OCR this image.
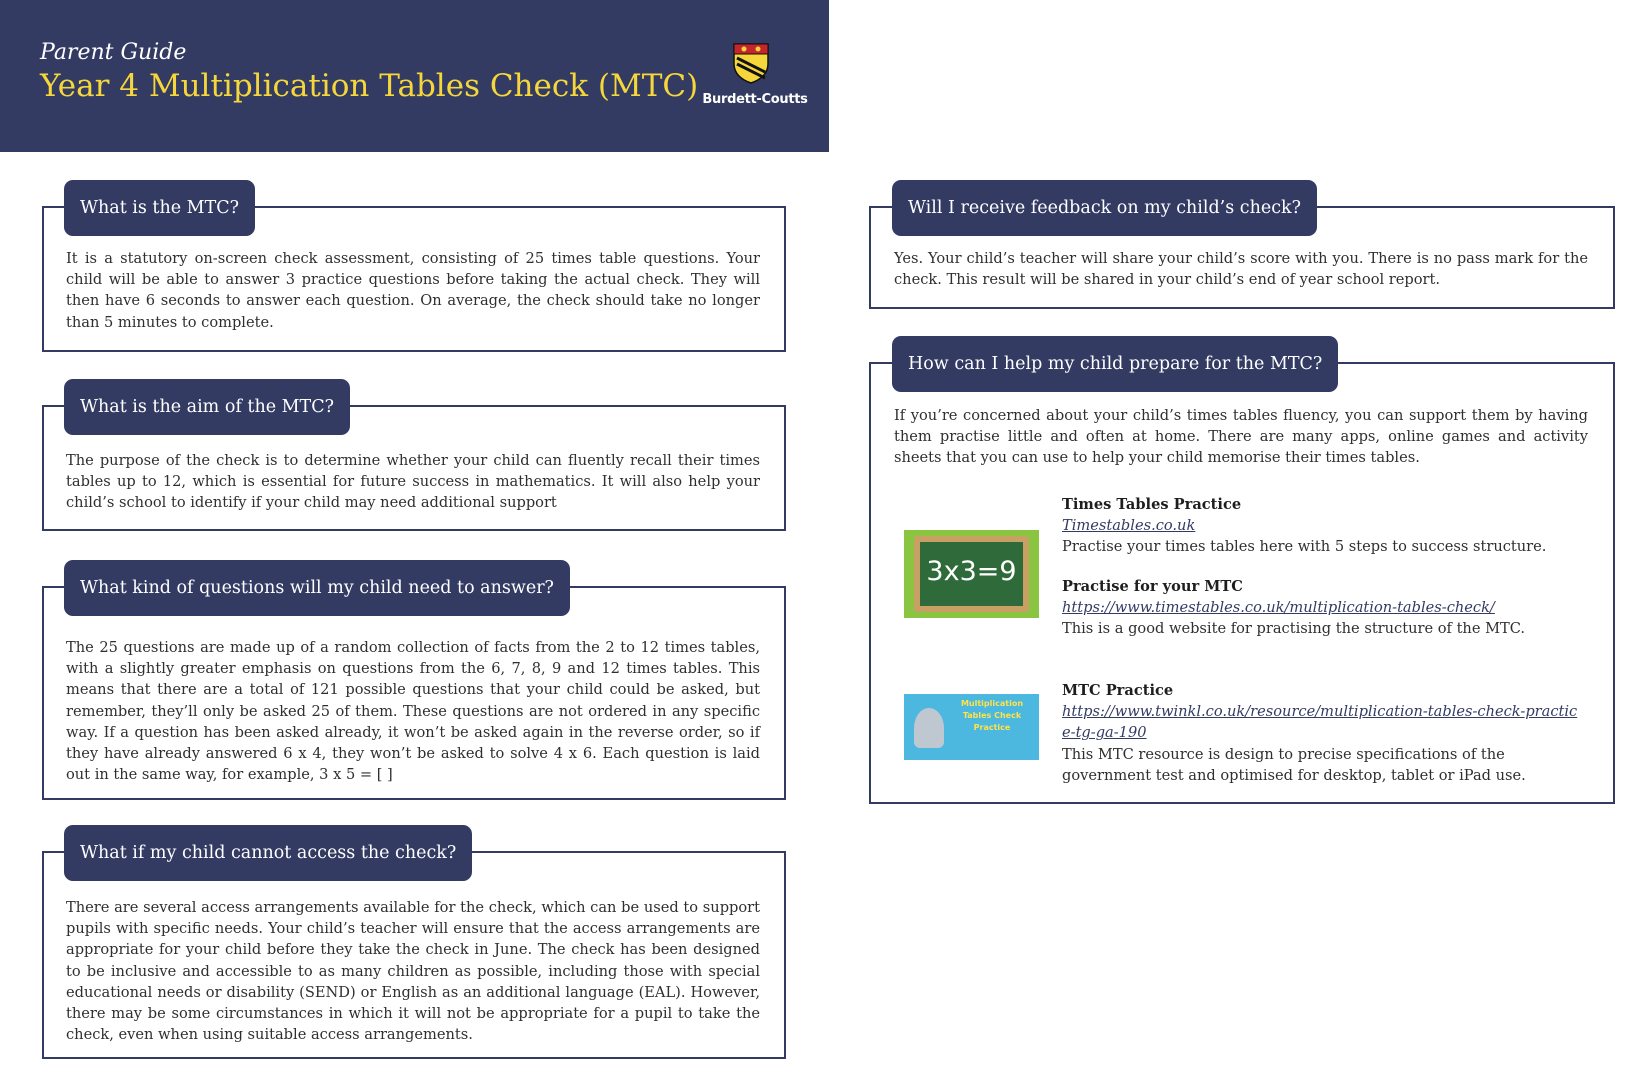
Parent Guide
Year 4 Multiplication Tables Check (MTC) Burdett-Coutts
What is the MTC?
It is a statutory on-screen check assessment, consisting of 25 times table questions. Your child will be able to answer 3 practice questions before taking the actual check. They will then have 6 seconds to answer each question. On average, the check should take no longer than 5 minutes to complete.
What is the aim of the MTC?
The purpose of the check is to determine whether your child can fluently recall their times tables up to 12, which is essential for future success in mathematics. It will also help your child’s school to identify if your child may need additional support
What kind of questions will my child need to answer?
The 25 questions are made up of a random collection of facts from the 2 to 12 times tables, with a slightly greater emphasis on questions from the 6, 7, 8, 9 and 12 times tables. This means that there are a total of 121 possible questions that your child could be asked, but remember, they’ll only be asked 25 of them. These questions are not ordered in any specific way. If a question has been asked already, it won’t be asked again in the reverse order, so if they have already answered 6 x 4, they won’t be asked to solve 4 x 6. Each question is laid out in the same way, for example, 3 x 5 = [ ]
What if my child cannot access the check?
There are several access arrangements available for the check, which can be used to support pupils with specific needs. Your child’s teacher will ensure that the access arrangements are appropriate for your child before they take the check in June. The check has been designed to be inclusive and accessible to as many children as possible, including those with special educational needs or disability (SEND) or English as an additional language (EAL). However, there may be some circumstances in which it will not be appropriate for a pupil to take the check, even when using suitable access arrangements.
Will I receive feedback on my child’s check?
Yes. Your child’s teacher will share your child’s score with you. There is no pass mark for the check. This result will be shared in your child’s end of year school report.
How can I help my child prepare for the MTC?
If you’re concerned about your child’s times tables fluency, you can support them by having them practise little and often at home. There are many apps, online games and activity sheets that you can use to help your child memorise their times tables.
3x3=9
Times Tables Practice
Timestables.co.uk
Practise your times tables here with 5 steps to success structure.
Practise for your MTC
https://www.timestables.co.uk/multiplication-tables-check/
This is a good website for practising the structure of the MTC.
Multiplication Tables Check Practice
MTC Practice
https://www.twinkl.co.uk/resource/multiplication-tables-check-practice-tg-ga-190
This MTC resource is design to precise specifications of the government test and optimised for desktop, tablet or iPad use.
